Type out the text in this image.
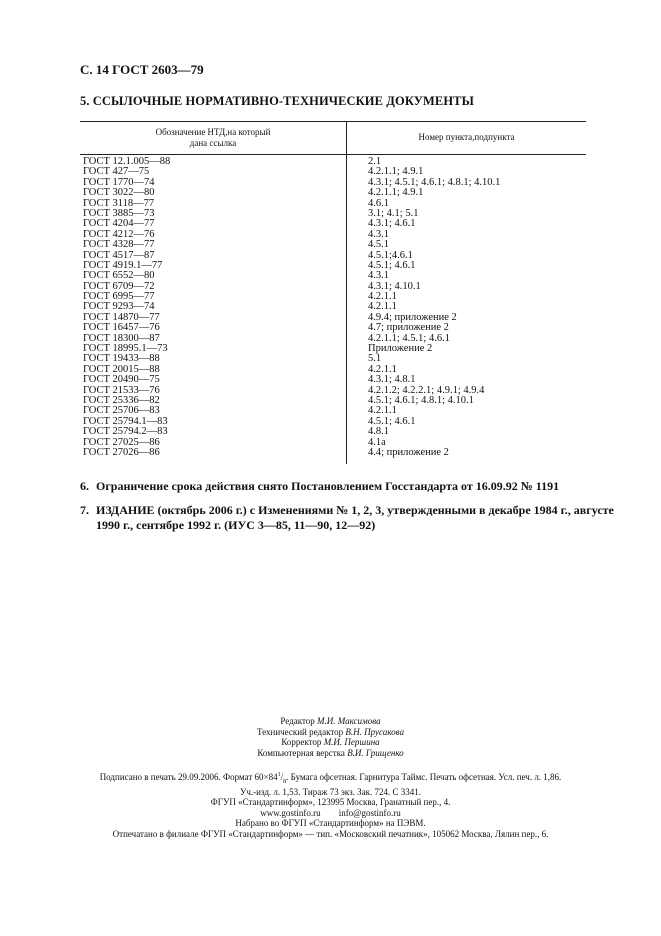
С. 14 ГОСТ 2603—79
5. ССЫЛОЧНЫЕ НОРМАТИВНО-ТЕХНИЧЕСКИЕ ДОКУМЕНТЫ
Обозначение НТД,на который
дана ссылка
Номер пункта,подпункта
ГОСТ 12.1.005—88
ГОСТ 427—75
ГОСТ 1770—74
ГОСТ 3022—80
ГОСТ 3118—77
ГОСТ 3885—73
ГОСТ 4204—77
ГОСТ 4212—76
ГОСТ 4328—77
ГОСТ 4517—87
ГОСТ 4919.1—77
ГОСТ 6552—80
ГОСТ 6709—72
ГОСТ 6995—77
ГОСТ 9293—74
ГОСТ 14870—77
ГОСТ 16457—76
ГОСТ 18300—87
ГОСТ 18995.1—73
ГОСТ 19433—88
ГОСТ 20015—88
ГОСТ 20490—75
ГОСТ 21533—76
ГОСТ 25336—82
ГОСТ 25706—83
ГОСТ 25794.1—83
ГОСТ 25794.2—83
ГОСТ 27025—86
ГОСТ 27026—86
2.1
4.2.1.1; 4.9.1
4.3.1; 4.5.1; 4.6.1; 4.8.1; 4.10.1
4.2.1.1; 4.9.1
4.6.1
3.1; 4.1; 5.1
4.3.1; 4.6.1
4.3.1
4.5.1
4.5.1;4.6.1
4.5.1; 4.6.1
4.3.1
4.3.1; 4.10.1
4.2.1.1
4.2.1.1
4.9.4; приложение 2
4.7; приложение 2
4.2.1.1; 4.5.1; 4.6.1
Приложение 2
5.1
4.2.1.1
4.3.1; 4.8.1
4.2.1.2; 4.2.2.1; 4.9.1; 4.9.4
4.5.1; 4.6.1; 4.8.1; 4.10.1
4.2.1.1
4.5.1; 4.6.1
4.8.1
4.1а
4.4; приложение 2
6. Ограничение срока действия снято Постановлением Госстандарта от 16.09.92 № 1191
7. ИЗДАНИЕ (октябрь 2006 г.) с Изменениями № 1, 2, 3, утвержденными в декабре 1984 г., августе
1990 г., сентябре 1992 г. (ИУС 3—85, 11—90, 12—92)
Редактор М.И. Максимова
Технический редактор В.Н. Прусакова
Корректор М.И. Першина
Компьютерная верстка В.И. Грищенко
Подписано в печать 29.09.2006. Формат $60\times 84^1/_8$. Бумага офсетная. Гарнитура Таймс. Печать офсетная. Усл. печ. л. 1,86.
Уч.-изд. л. 1,53. Тираж 73 экз. Зак. 724. С 3341.
ФГУП «Стандартинформ», 123995 Москва, Гранатный пер., 4.
www.gostinfo.ru info@gostinfo.ru
Набрано во ФГУП «Стандартинформ» на ПЭВМ.
Отпечатано в филиале ФГУП «Стандартинформ» — тип. «Московский печатник», 105062 Москва, Лялин пер., 6.
